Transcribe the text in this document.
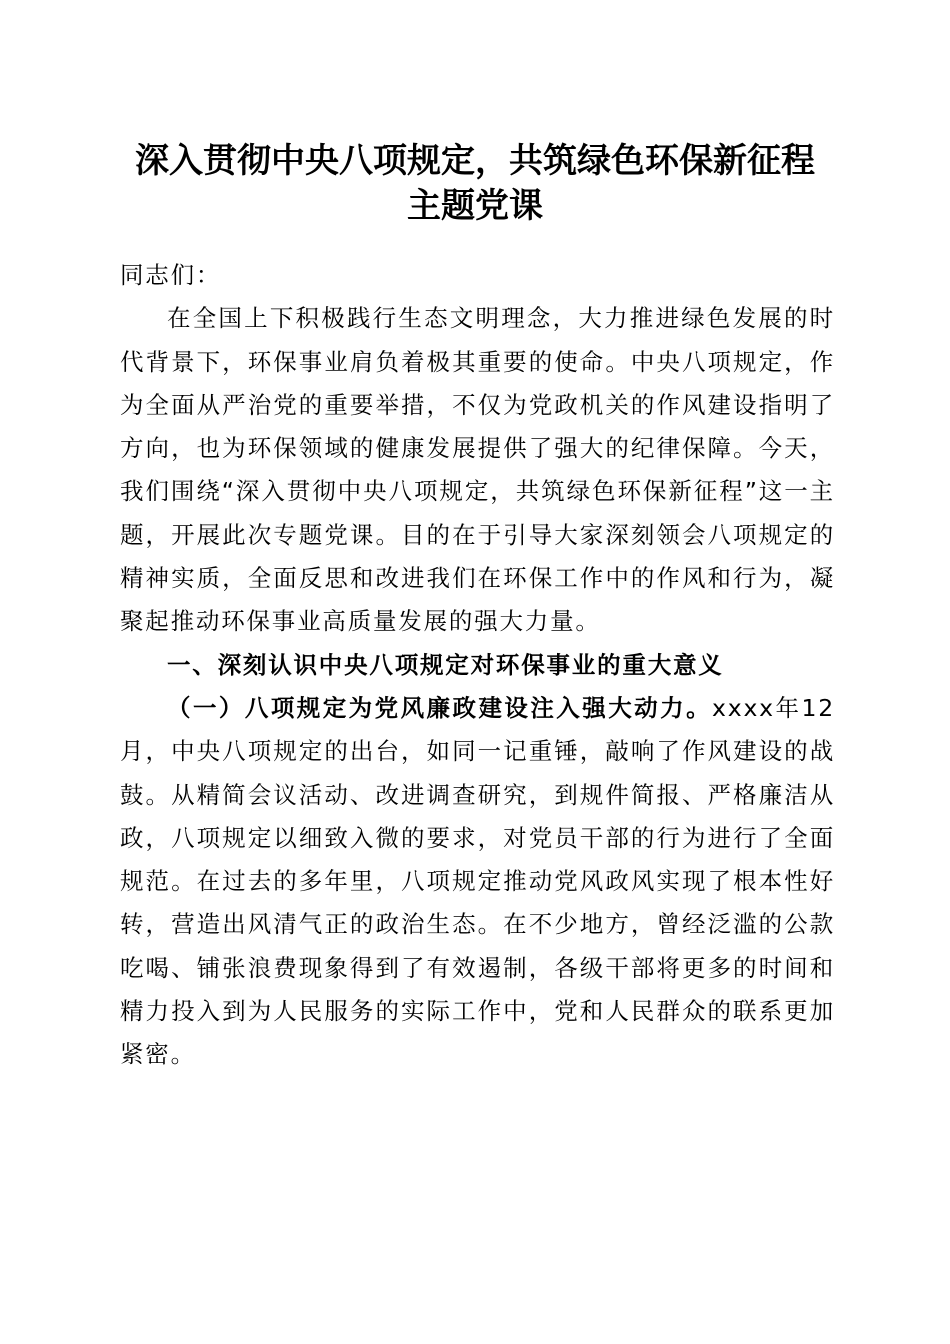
深入贯彻中央八项规定，共筑绿色环保新征程
主题党课

同志们：

在全国上下积极践行生态文明理念，大力推进绿色发展的时代背景下，环保事业肩负着极其重要的使命。中央八项规定，作为全面从严治党的重要举措，不仅为党政机关的作风建设指明了方向，也为环保领域的健康发展提供了强大的纪律保障。今天，我们围绕“深入贯彻中央八项规定，共筑绿色环保新征程”这一主题，开展此次专题党课。目的在于引导大家深刻领会八项规定的精神实质，全面反思和改进我们在环保工作中的作风和行为，凝聚起推动环保事业高质量发展的强大力量。

一、深刻认识中央八项规定对环保事业的重大意义

（一）八项规定为党风廉政建设注入强大动力。xxxx年12月，中央八项规定的出台，如同一记重锤，敲响了作风建设的战鼓。从精简会议活动、改进调查研究，到规件简报、严格廉洁从政，八项规定以细致入微的要求，对党员干部的行为进行了全面规范。在过去的多年里，八项规定推动党风政风实现了根本性好转，营造出风清气正的政治生态。在不少地方，曾经泛滥的公款吃喝、铺张浪费现象得到了有效遏制，各级干部将更多的时间和精力投入到为人民服务的实际工作中，党和人民群众的联系更加紧密。
